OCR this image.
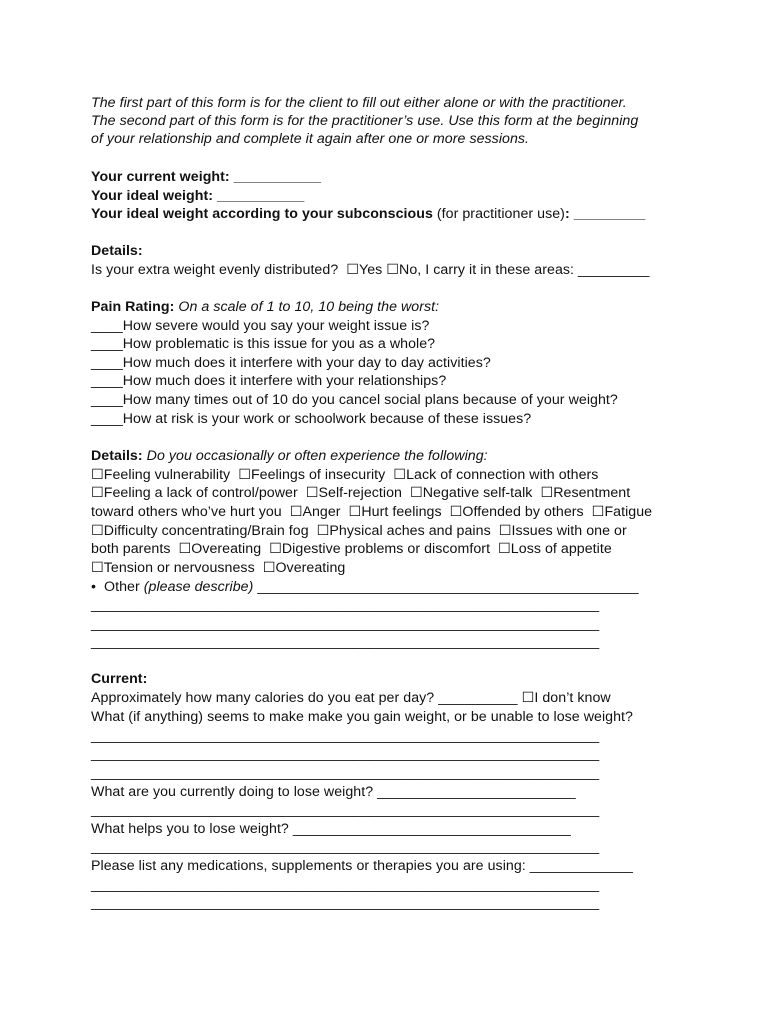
The first part of this form is for the client to fill out either alone or with the practitioner.
The second part of this form is for the practitioner’s use. Use this form at the beginning
of your relationship and complete it again after one or more sessions.
Your current weight: ___________
Your ideal weight: ___________
Your ideal weight according to your subconscious (for practitioner use): _________
Details:
Is your extra weight evenly distributed?  ☐Yes ☐No, I carry it in these areas: _________
Pain Rating: On a scale of 1 to 10, 10 being the worst:
____How severe would you say your weight issue is?
____How problematic is this issue for you as a whole?
____How much does it interfere with your day to day activities?
____How much does it interfere with your relationships?
____How many times out of 10 do you cancel social plans because of your weight?
____How at risk is your work or schoolwork because of these issues?
Details: Do you occasionally or often experience the following:
☐Feeling vulnerability  ☐Feelings of insecurity  ☐Lack of connection with others
☐Feeling a lack of control/power  ☐Self-rejection  ☐Negative self-talk  ☐Resentment
toward others who’ve hurt you  ☐Anger  ☐Hurt feelings  ☐Offended by others  ☐Fatigue
☐Difficulty concentrating/Brain fog  ☐Physical aches and pains  ☐Issues with one or
both parents  ☐Overeating  ☐Digestive problems or discomfort  ☐Loss of appetite
☐Tension or nervousness  ☐Overeating
•  Other (please describe) ________________________________________________
________________________________________________________________
________________________________________________________________
________________________________________________________________
Current:
Approximately how many calories do you eat per day? __________ ☐I don’t know
What (if anything) seems to make make you gain weight, or be unable to lose weight?
________________________________________________________________
________________________________________________________________
________________________________________________________________
What are you currently doing to lose weight? _________________________
________________________________________________________________
What helps you to lose weight? ___________________________________
________________________________________________________________
Please list any medications, supplements or therapies you are using: _____________
________________________________________________________________
________________________________________________________________
